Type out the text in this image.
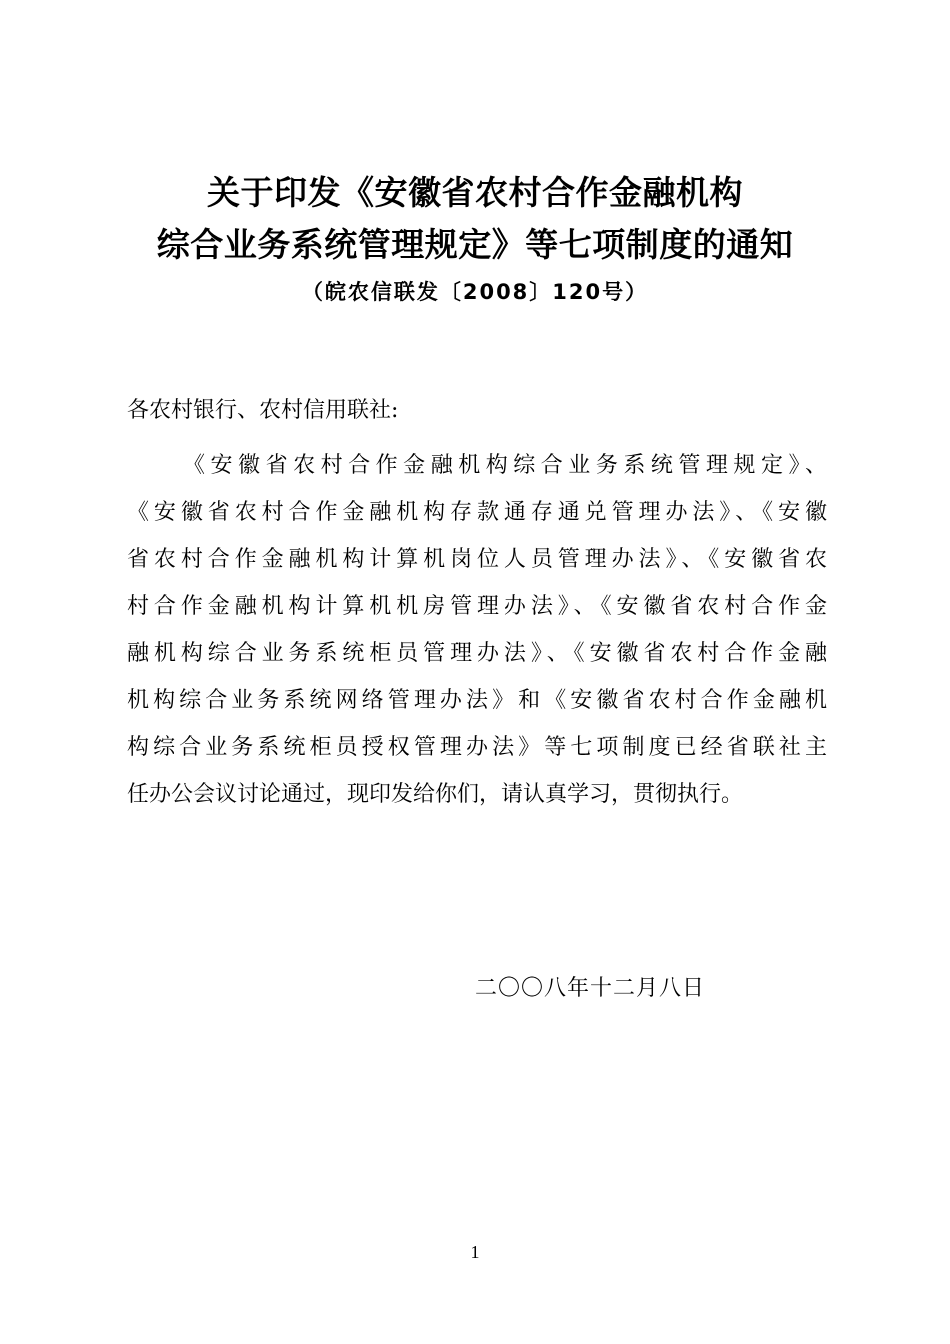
关于印发《安徽省农村合作金融机构
综合业务系统管理规定》等七项制度的通知
（皖农信联发〔2008〕120号）
各农村银行、农村信用联社:
《安徽省农村合作金融机构综合业务系统管理规定》、
《安徽省农村合作金融机构存款通存通兑管理办法》、《安徽
省农村合作金融机构计算机岗位人员管理办法》、《安徽省农
村合作金融机构计算机机房管理办法》、《安徽省农村合作金
融机构综合业务系统柜员管理办法》、《安徽省农村合作金融
机构综合业务系统网络管理办法》和《安徽省农村合作金融机
构综合业务系统柜员授权管理办法》等七项制度已经省联社主
任办公会议讨论通过，现印发给你们，请认真学习，贯彻执行。
二〇〇八年十二月八日
1
